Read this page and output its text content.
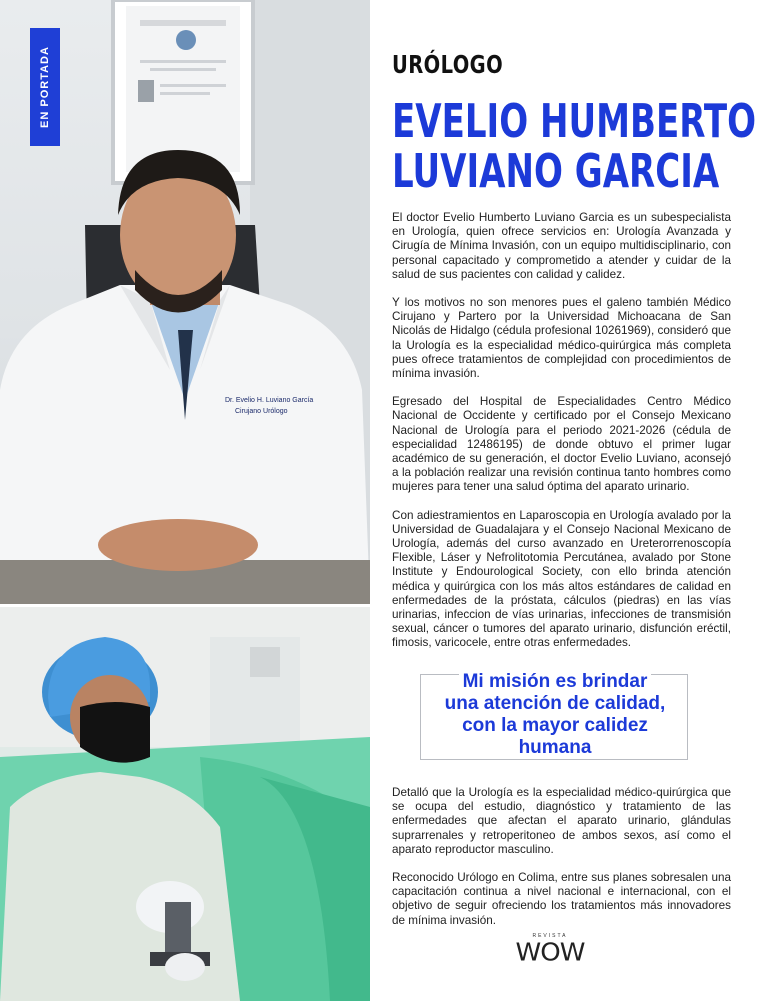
Dr. Evelio H. Luviano García
Cirujano Urólogo
EN PORTADA	URÓLOGO
EVELIO HUMBERTO
LUVIANO GARCIA

El doctor Evelio Humberto Luviano Garcia es un subespecialista en Urología, quien ofrece servicios en: Urología Avanzada y Cirugía de Mínima Invasión, con un equipo multidisciplinario, con personal capacitado y comprometido a atender y cuidar de la salud de sus pacientes con calidad y calidez.

Y los motivos no son menores pues el galeno también Médico Cirujano y Partero por la Universidad Michoacana de San Nicolás de Hidalgo (cédula profesional 10261969), consideró que la Urología es la especialidad médico-quirúrgica más completa pues ofrece tratamientos de complejidad con procedimientos de mínima invasión.

Egresado del Hospital de Especialidades Centro Médico Nacional de Occidente y certificado por el Consejo Mexicano Nacional de Urología para el periodo 2021-2026 (cédula de especialidad 12486195) de donde obtuvo el primer lugar académico de su generación, el doctor Evelio Luviano, aconsejó a la población realizar una revisión continua tanto hombres como mujeres para tener una salud óptima del aparato urinario.

Con adiestramientos en Laparoscopia en Urología avalado por la Universidad de Guadalajara y el Consejo Nacional Mexicano de Urología, además del curso avanzado en Ureterorrenoscopía Flexible, Láser y Nefrolitotomia Percutánea, avalado por Stone Institute y Endourological Society, con ello brinda atención médica y quirúrgica con los más altos estándares de calidad en enfermedades de la próstata, cálculos (piedras) en las vías urinarias, infeccion de vías urinarias, infecciones de transmisión sexual, cáncer o tumores del aparato urinario, disfunción eréctil, fimosis, varicocele, entre otras enfermedades.

Mi misión es brindar
una atención de calidad,
con la mayor calidez
humana

Detalló que la Urología es la especialidad médico-quirúrgica que se ocupa del estudio, diagnóstico y tratamiento de las enfermedades que afectan el aparato urinario, glándulas suprarrenales y retroperitoneo de ambos sexos, así como el aparato reproductor masculino.

Reconocido Urólogo en Colima, entre sus planes sobresalen una capacitación continua a nivel nacional e internacional, con el objetivo de seguir ofreciendo los tratamientos más innovadores de mínima invasión.

REVISTA
WOW
